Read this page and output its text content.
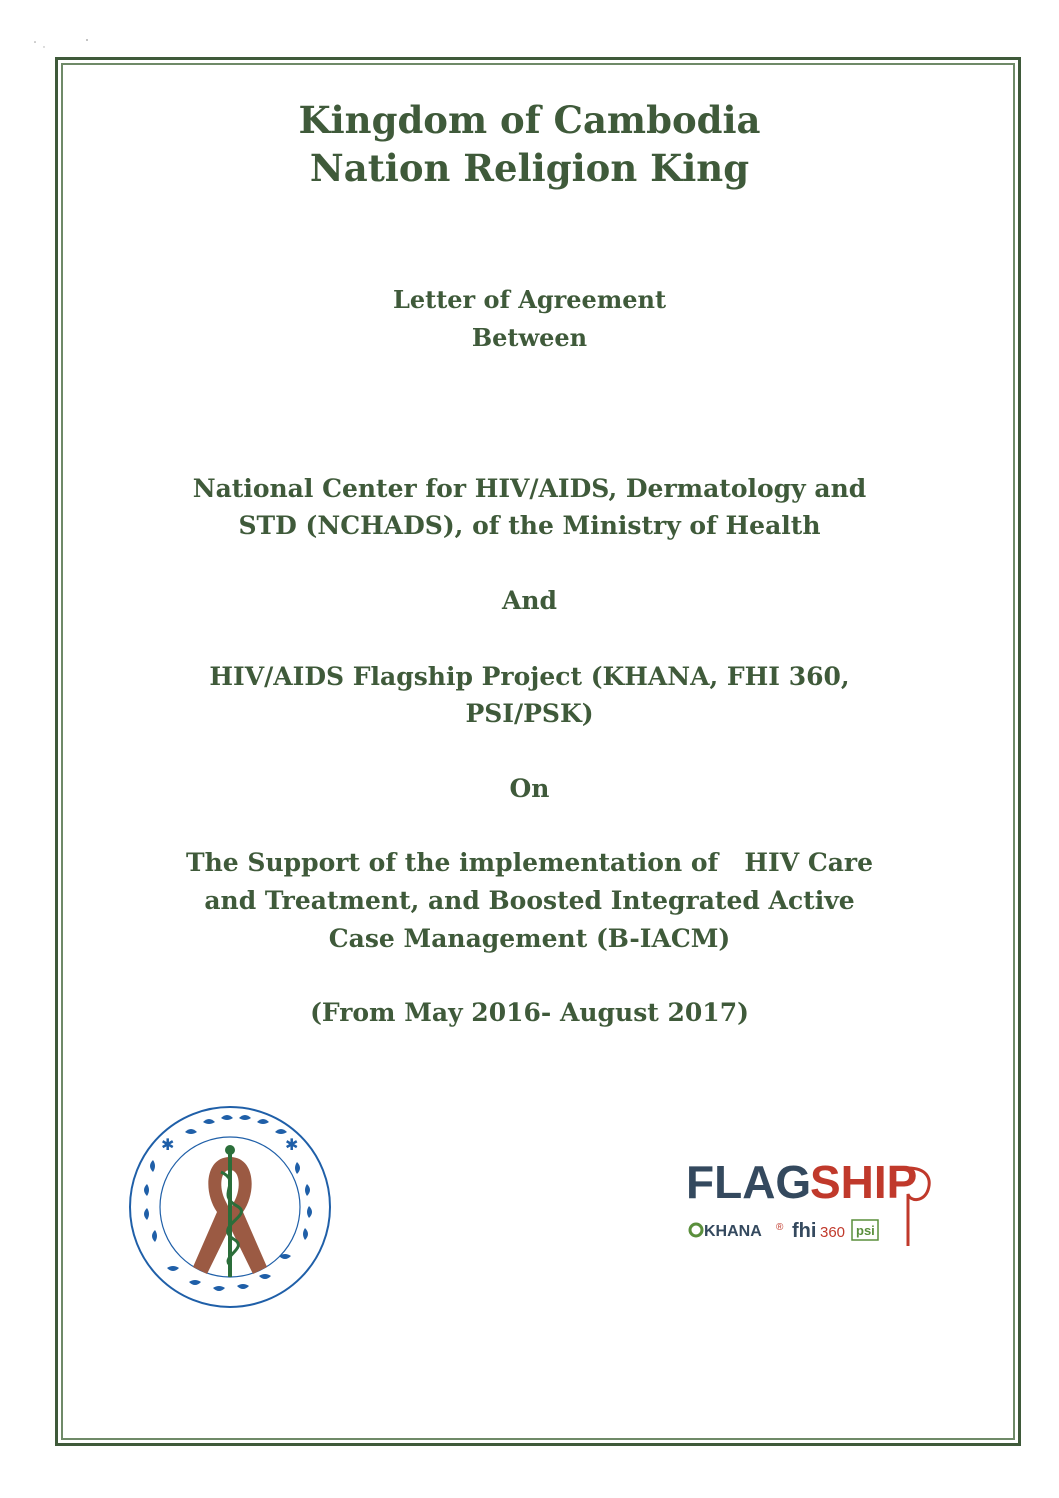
Kingdom of Cambodia
Nation Religion King
Letter of Agreement
Between
National Center for HIV/AIDS, Dermatology and
STD (NCHADS), of the Ministry of Health
And
HIV/AIDS Flagship Project (KHANA, FHI 360,
PSI/PSK)
On
The Support of the implementation of   HIV Care
and Treatment, and Boosted Integrated Active
Case Management (B-IACM)
(From May 2016- August 2017)
✱	✱
FLAG
SHIP
KHANA ® fhi 360 psi
